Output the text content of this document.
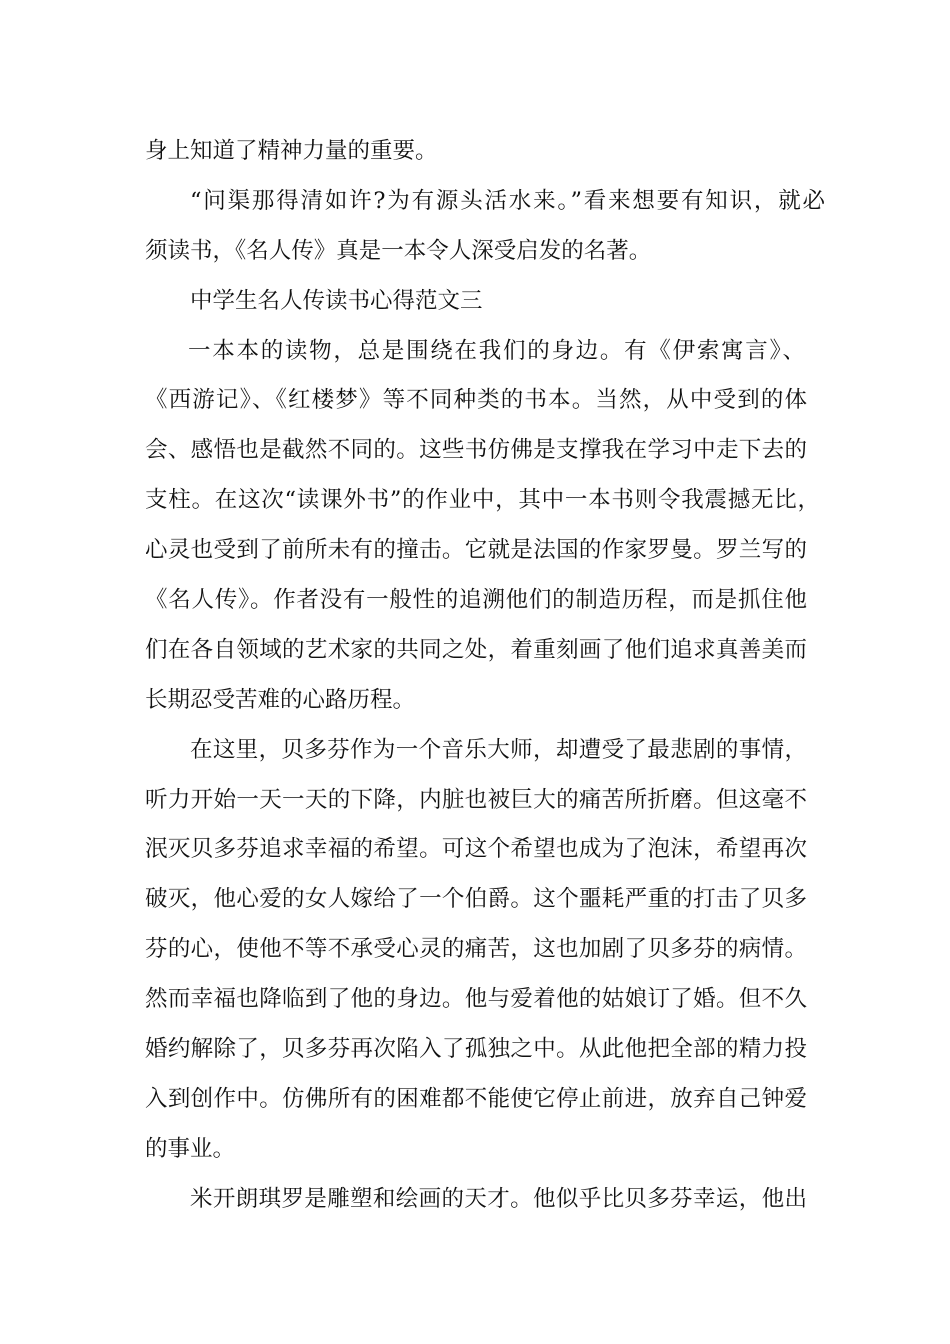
身上知道了精神力量的重要。

“问渠那得清如许?为有源头活水来。”看来想要有知识，就必

须读书，《名人传》真是一本令人深受启发的名著。

中学生名人传读书心得范文三

一本本的读物，总是围绕在我们的身边。有《伊索寓言》、

《西游记》、《红楼梦》等不同种类的书本。当然，从中受到的体

会、感悟也是截然不同的。这些书仿佛是支撑我在学习中走下去的

支柱。在这次“读课外书”的作业中，其中一本书则令我震撼无比，

心灵也受到了前所未有的撞击。它就是法国的作家罗曼。罗兰写的

《名人传》。作者没有一般性的追溯他们的制造历程，而是抓住他

们在各自领域的艺术家的共同之处，着重刻画了他们追求真善美而

长期忍受苦难的心路历程。

在这里，贝多芬作为一个音乐大师，却遭受了最悲剧的事情，

听力开始一天一天的下降，内脏也被巨大的痛苦所折磨。但这毫不

泯灭贝多芬追求幸福的希望。可这个希望也成为了泡沫，希望再次

破灭，他心爱的女人嫁给了一个伯爵。这个噩耗严重的打击了贝多

芬的心，使他不等不承受心灵的痛苦，这也加剧了贝多芬的病情。

然而幸福也降临到了他的身边。他与爱着他的姑娘订了婚。但不久

婚约解除了，贝多芬再次陷入了孤独之中。从此他把全部的精力投

入到创作中。仿佛所有的困难都不能使它停止前进，放弃自己钟爱

的事业。

米开朗琪罗是雕塑和绘画的天才。他似乎比贝多芬幸运，他出
